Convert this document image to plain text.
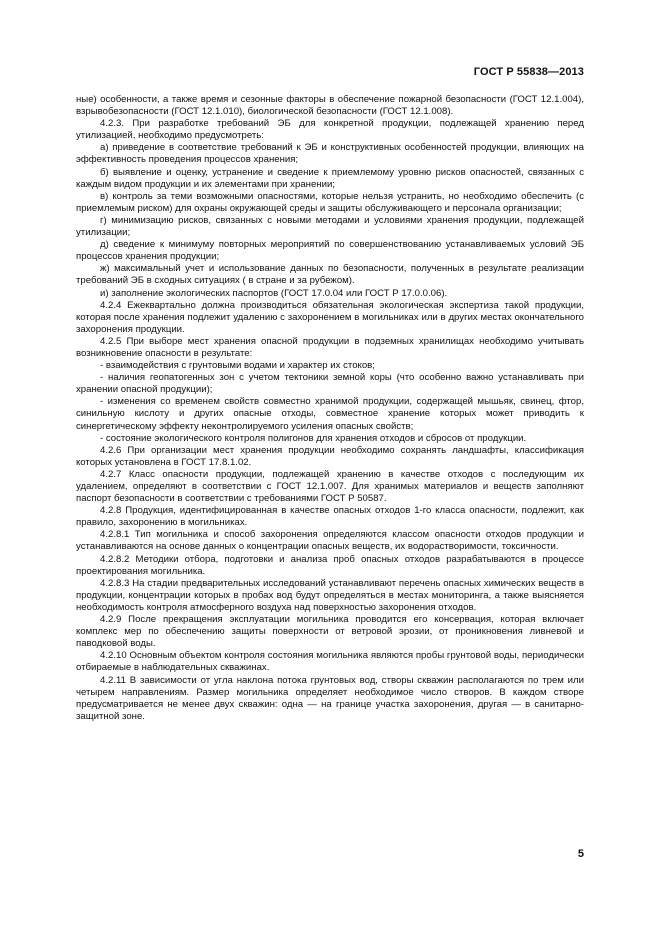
ГОСТ Р 55838—2013

ные) особенности, а также время и сезонные факторы в обеспечение пожарной безопасности (ГОСТ 12.1.004), взрывобезопасности (ГОСТ 12.1.010), биологической безопасности (ГОСТ 12.1.008).

4.2.3. При разработке требований ЭБ для конкретной продукции, подлежащей хранению перед утилизацией, необходимо предусмотреть:

а) приведение в соответствие требований к ЭБ и конструктивных особенностей продукции, влияющих на эффективность проведения процессов хранения;

б) выявление и оценку, устранение и сведение к приемлемому уровню рисков опасностей, связанных с каждым видом продукции и их элементами при хранении;

в) контроль за теми возможными опасностями, которые нельзя устранить, но необходимо обеспечить (с приемлемым риском) для охраны окружающей среды и защиты обслуживающего и персонала организации;

г) минимизацию рисков, связанных с новыми методами и условиями хранения продукции, подлежащей утилизации;

д) сведение к минимуму повторных мероприятий по совершенствованию устанавливаемых условий ЭБ процессов хранения продукции;

ж) максимальный учет и использование данных по безопасности, полученных в результате реализации требований ЭБ в сходных ситуациях ( в стране и за рубежом).

и) заполнение экологических паспортов (ГОСТ 17.0.04 или ГОСТ Р 17.0.0.06).

4.2.4 Ежеквартально должна производиться обязательная экологическая экспертиза такой продукции, которая после хранения подлежит удалению с захоронением в могильниках или в других местах окончательного захоронения продукции.

4.2.5 При выборе мест хранения опасной продукции в подземных хранилищах необходимо учитывать возникновение опасности в результате:

- взаимодействия с грунтовыми водами и характер их стоков;

- наличия геопатогенных зон с учетом тектоники земной коры (что особенно важно устанавливать при хранении опасной продукции);

- изменения со временем свойств совместно хранимой продукции, содержащей мышьяк, свинец, фтор, синильную кислоту и других опасные отходы, совместное хранение которых может приводить к синергетическому эффекту неконтролируемого усиления опасных свойств;

- состояние экологического контроля полигонов для хранения отходов и сбросов от продукции.

4.2.6 При организации мест хранения продукции необходимо сохранять ландшафты, классификация которых установлена в ГОСТ 17.8.1.02.

4.2.7 Класс опасности продукции, подлежащей хранению в качестве отходов с последующим их удалением, определяют в соответствии с ГОСТ 12.1.007. Для хранимых материалов и веществ заполняют паспорт безопасности в соответствии с требованиями ГОСТ Р 50587.

4.2.8 Продукция, идентифицированная в качестве опасных отходов 1-го класса опасности, подлежит, как правило, захоронению в могильниках.

4.2.8.1 Тип могильника и способ захоронения определяются классом опасности отходов продукции и устанавливаются на основе данных о концентрации опасных веществ, их водорастворимости, токсичности.

4.2.8.2 Методики отбора, подготовки и анализа проб опасных отходов разрабатываются в процессе проектирования могильника.

4.2.8.3 На стадии предварительных исследований устанавливают перечень опасных химических веществ в продукции, концентрации которых в пробах вод будут определяться в местах мониторинга, а также выясняется необходимость контроля атмосферного воздуха над поверхностью захоронения отходов.

4.2.9 После прекращения эксплуатации могильника проводится его консервация, которая включает комплекс мер по обеспечению защиты поверхности от ветровой эрозии, от проникновения ливневой и паводковой воды.

4.2.10 Основным объектом контроля состояния могильника являются пробы грунтовой воды, периодически отбираемые в наблюдательных скважинах.

4.2.11 В зависимости от угла наклона потока грунтовых вод, створы скважин располагаются по трем или четырем направлениям. Размер могильника определяет необходимое число створов. В каждом створе предусматривается не менее двух скважин: одна — на границе участка захоронения, другая — в санитарно-защитной зоне.

5
